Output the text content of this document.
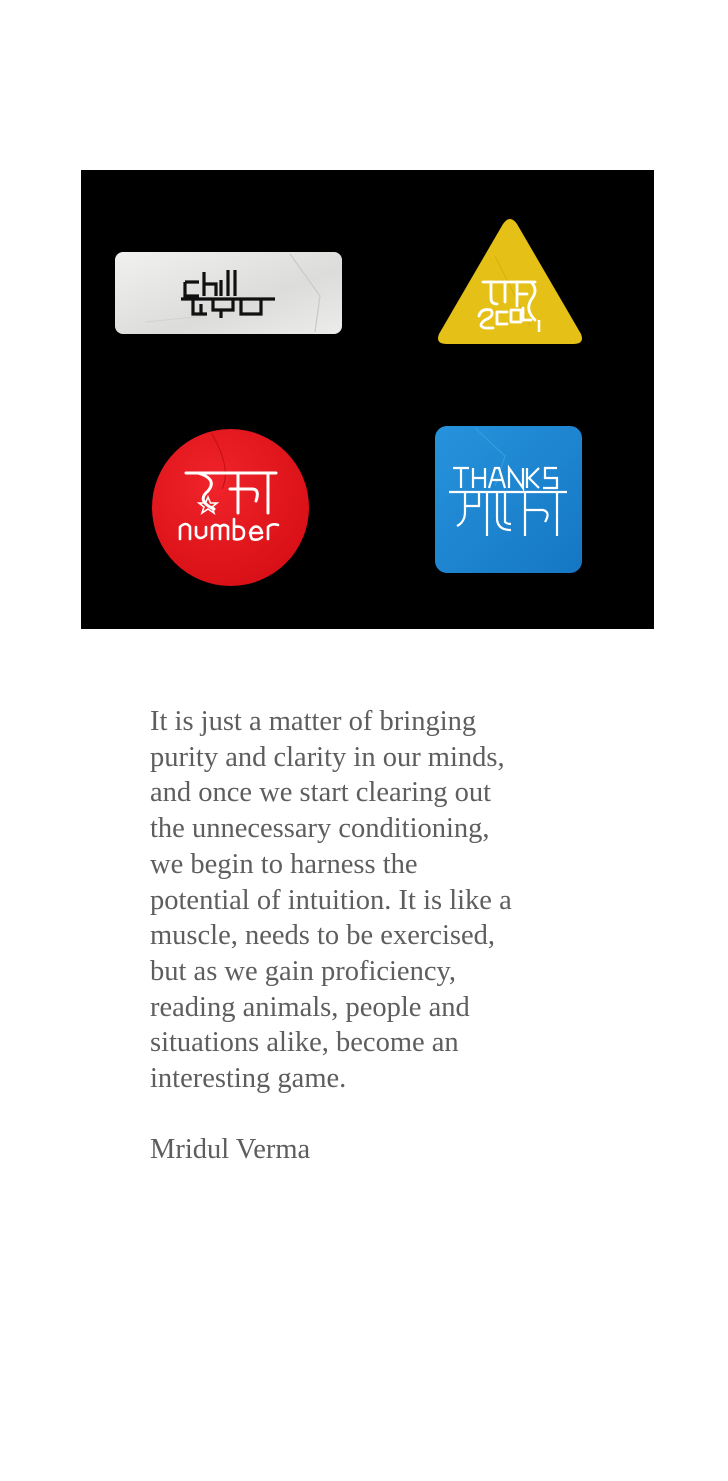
It is just a matter of bringing
purity and clarity in our minds,
and once we start clearing out
the unnecessary conditioning,
we begin to harness the
potential of intuition. It is like a
muscle, needs to be exercised,
but as we gain proficiency,
reading animals, people and
situations alike, become an
interesting game.

Mridul Verma
